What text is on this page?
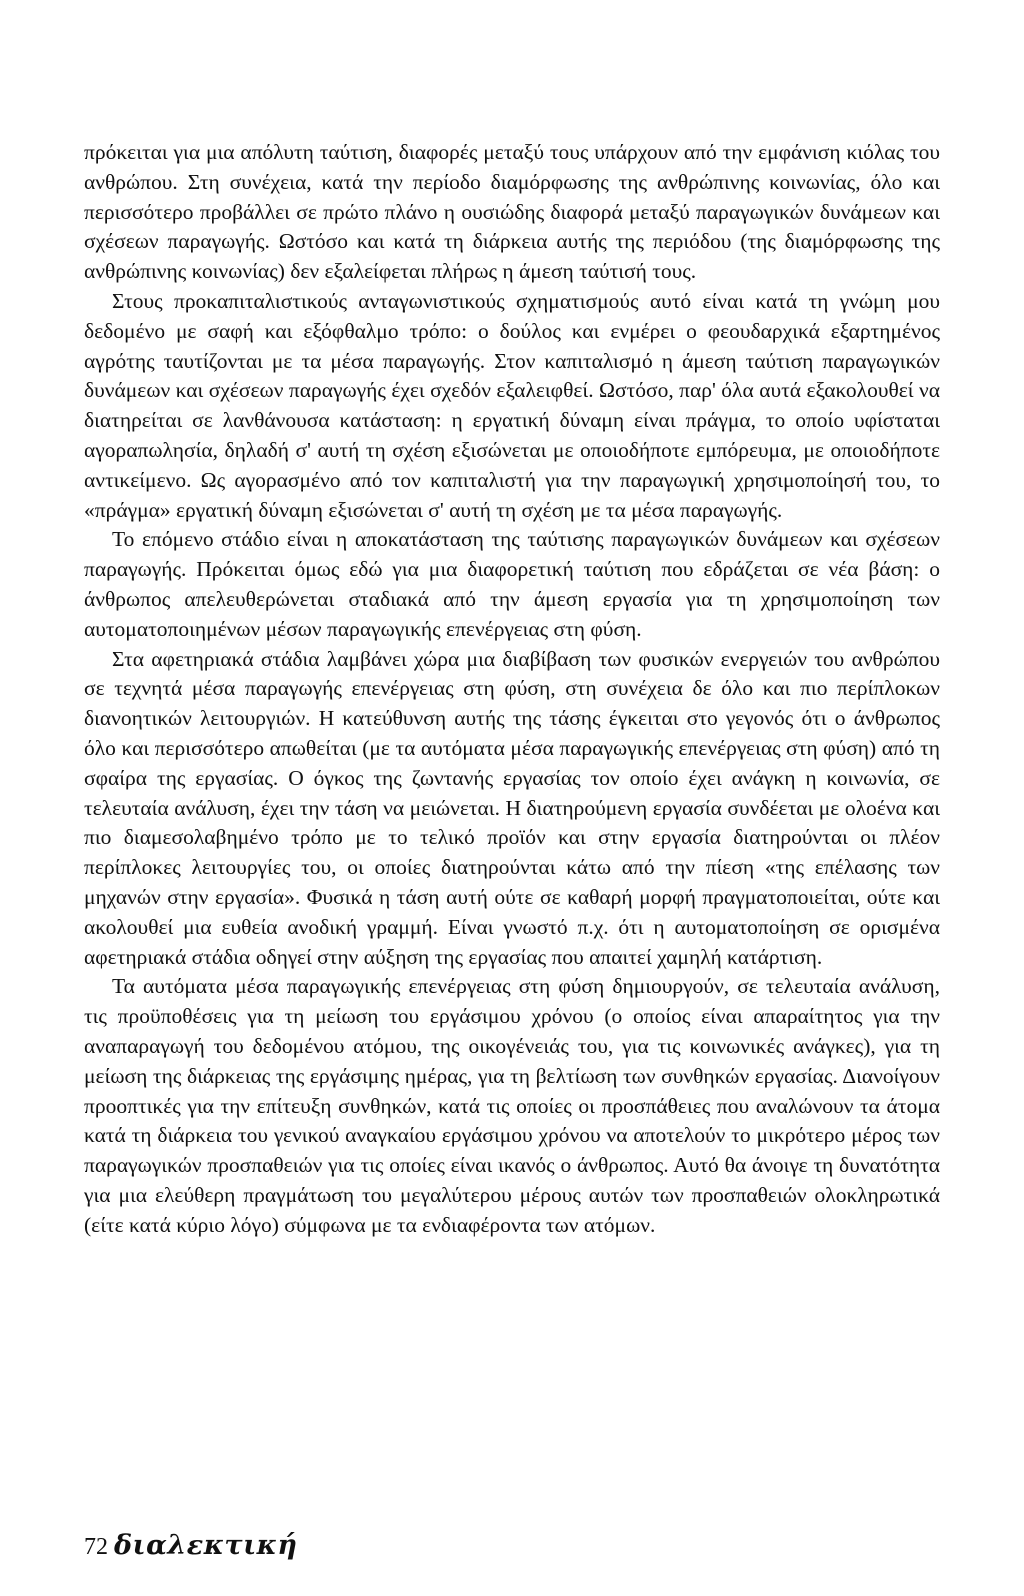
πρόκειται για μια απόλυτη ταύτιση, διαφορές μεταξύ τους υπάρχουν από την εμφάνιση κιόλας του ανθρώπου. Στη συνέχεια, κατά την περίοδο διαμόρφωσης της ανθρώπινης κοινωνίας, όλο και περισσότερο προβάλλει σε πρώτο πλάνο η ουσιώδης διαφορά μεταξύ παραγωγικών δυνάμεων και σχέσεων παραγωγής. Ωστόσο και κατά τη διάρκεια αυτής της περιόδου (της διαμόρφωσης της ανθρώπινης κοινωνίας) δεν εξαλείφεται πλήρως η άμεση ταύτισή τους.

Στους προκαπιταλιστικούς ανταγωνιστικούς σχηματισμούς αυτό είναι κατά τη γνώμη μου δεδομένο με σαφή και εξόφθαλμο τρόπο: ο δούλος και ενμέρει ο φεουδαρχικά εξαρτημένος αγρότης ταυτίζονται με τα μέσα παραγωγής. Στον καπιταλισμό η άμεση ταύτιση παραγωγικών δυνάμεων και σχέσεων παραγωγής έχει σχεδόν εξαλειφθεί. Ωστόσο, παρ' όλα αυτά εξακολουθεί να διατηρείται σε λανθάνουσα κατάσταση: η εργατική δύναμη είναι πράγμα, το οποίο υφίσταται αγοραπωλησία, δηλαδή σ' αυτή τη σχέση εξισώνεται με οποιοδήποτε εμπόρευμα, με οποιοδήποτε αντικείμενο. Ως αγορασμένο από τον καπιταλιστή για την παραγωγική χρησιμοποίησή του, το «πράγμα» εργατική δύναμη εξισώνεται σ' αυτή τη σχέση με τα μέσα παραγωγής.

Το επόμενο στάδιο είναι η αποκατάσταση της ταύτισης παραγωγικών δυνάμεων και σχέσεων παραγωγής. Πρόκειται όμως εδώ για μια διαφορετική ταύτιση που εδράζεται σε νέα βάση: ο άνθρωπος απελευθερώνεται σταδιακά από την άμεση εργασία για τη χρησιμοποίηση των αυτοματοποιημένων μέσων παραγωγικής επενέργειας στη φύση.

Στα αφετηριακά στάδια λαμβάνει χώρα μια διαβίβαση των φυσικών ενεργειών του ανθρώπου σε τεχνητά μέσα παραγωγής επενέργειας στη φύση, στη συνέχεια δε όλο και πιο περίπλοκων διανοητικών λειτουργιών. Η κατεύθυνση αυτής της τάσης έγκειται στο γεγονός ότι ο άνθρωπος όλο και περισσότερο απωθείται (με τα αυτόματα μέσα παραγωγικής επενέργειας στη φύση) από τη σφαίρα της εργασίας. Ο όγκος της ζωντανής εργασίας τον οποίο έχει ανάγκη η κοινωνία, σε τελευταία ανάλυση, έχει την τάση να μειώνεται. Η διατηρούμενη εργασία συνδέεται με ολοένα και πιο διαμεσολαβημένο τρόπο με το τελικό προϊόν και στην εργασία διατηρούνται οι πλέον περίπλοκες λειτουργίες του, οι οποίες διατηρούνται κάτω από την πίεση «της επέλασης των μηχανών στην εργασία». Φυσικά η τάση αυτή ούτε σε καθαρή μορφή πραγματοποιείται, ούτε και ακολουθεί μια ευθεία ανοδική γραμμή. Είναι γνωστό π.χ. ότι η αυτοματοποίηση σε ορισμένα αφετηριακά στάδια οδηγεί στην αύξηση της εργασίας που απαιτεί χαμηλή κατάρτιση.

Τα αυτόματα μέσα παραγωγικής επενέργειας στη φύση δημιουργούν, σε τελευταία ανάλυση, τις προϋποθέσεις για τη μείωση του εργάσιμου χρόνου (ο οποίος είναι απαραίτητος για την αναπαραγωγή του δεδομένου ατόμου, της οικογένειάς του, για τις κοινωνικές ανάγκες), για τη μείωση της διάρκειας της εργάσιμης ημέρας, για τη βελτίωση των συνθηκών εργασίας. Διανοίγουν προοπτικές για την επίτευξη συνθηκών, κατά τις οποίες οι προσπάθειες που αναλώνουν τα άτομα κατά τη διάρκεια του γενικού αναγκαίου εργάσιμου χρόνου να αποτελούν το μικρότερο μέρος των παραγωγικών προσπαθειών για τις οποίες είναι ικανός ο άνθρωπος. Αυτό θα άνοιγε τη δυνατότητα για μια ελεύθερη πραγμάτωση του μεγαλύτερου μέρους αυτών των προσπαθειών ολοκληρωτικά (είτε κατά κύριο λόγο) σύμφωνα με τα ενδιαφέροντα των ατόμων.

72 διαλεκτική
